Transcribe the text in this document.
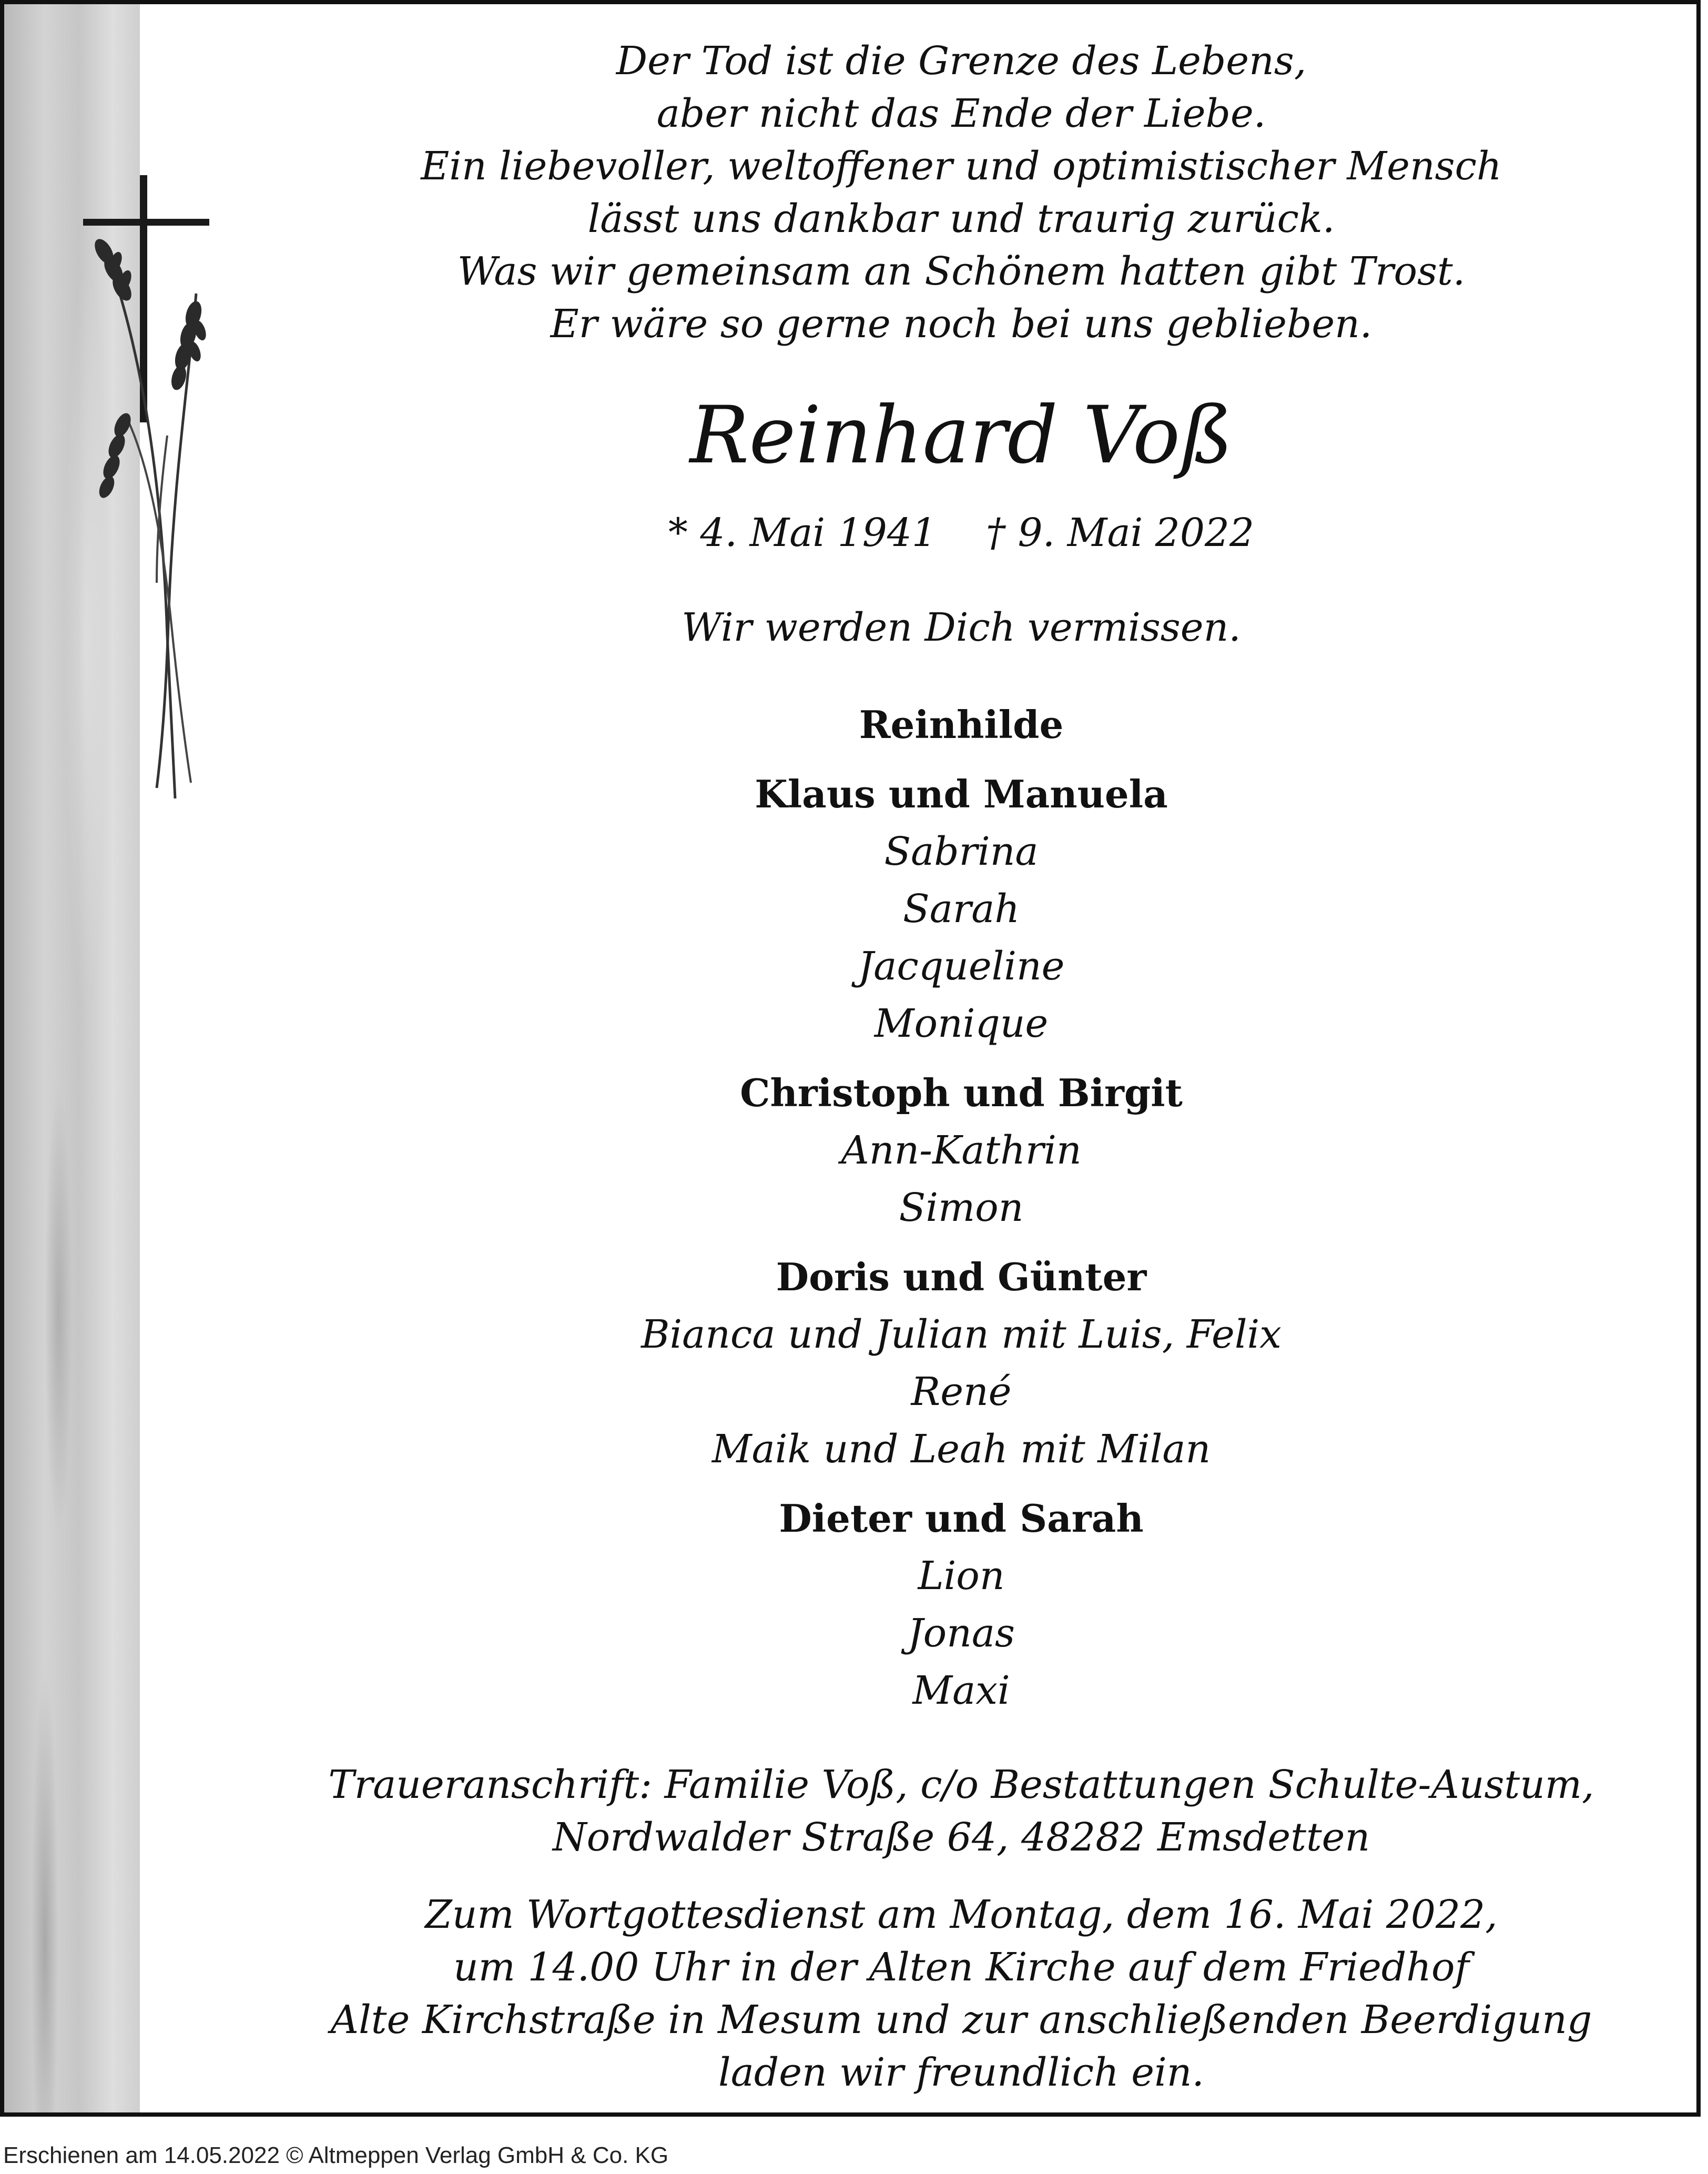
Der Tod ist die Grenze des Lebens,
aber nicht das Ende der Liebe.
Ein liebevoller, weltoffener und optimistischer Mensch
lässt uns dankbar und traurig zurück.
Was wir gemeinsam an Schönem hatten gibt Trost.
Er wäre so gerne noch bei uns geblieben.
Reinhard Voß
* 4. Mai 1941    † 9. Mai 2022
Wir werden Dich vermissen.
Reinhilde
Klaus und Manuela
Sabrina
Sarah
Jacqueline
Monique
Christoph und Birgit
Ann-Kathrin
Simon
Doris und Günter
Bianca und Julian mit Luis, Felix
René
Maik und Leah mit Milan
Dieter und Sarah
Lion
Jonas
Maxi
Traueranschrift: Familie Voß, c/o Bestattungen Schulte-Austum,
Nordwalder Straße 64, 48282 Emsdetten
Zum Wortgottesdienst am Montag, dem 16. Mai 2022,
um 14.00 Uhr in der Alten Kirche auf dem Friedhof
Alte Kirchstraße in Mesum und zur anschließenden Beerdigung
laden wir freundlich ein.
Erschienen am 14.05.2022 © Altmeppen Verlag GmbH & Co. KG
